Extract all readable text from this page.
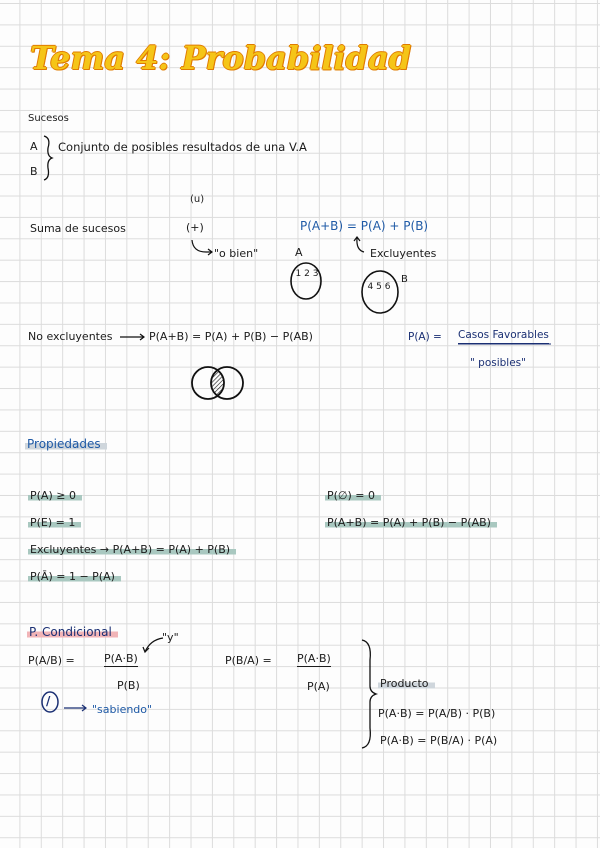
Tema 4: Probabilidad
Sucesos
A
B
Conjunto de posibles resultados de una V.A
(u)
Suma de sucesos	(+)	P(A+B) = P(A) + P(B)
"o bien"	A	Excluyentes
1 2 3
4 5 6
B
No excluyentes	P(A+B) = P(A) + P(B) − P(AB)	P(A) = Casos Favorables
" posibles"
Propiedades
P(A) ≥ 0
P(E) = 1
Excluyentes → P(A+B) = P(A) + P(B)
P(Ā) = 1 − P(A)
P(∅) = 0
P(A+B) = P(A) + P(B) − P(AB)
P. Condicional	"y"
P(A/B) =	P(A·B)
P(B)
P(B/A) = P(A·B)
P(A)
/
"sabiendo"
Producto
P(A·B) = P(A/B) · P(B)
P(A·B) = P(B/A) · P(A)
